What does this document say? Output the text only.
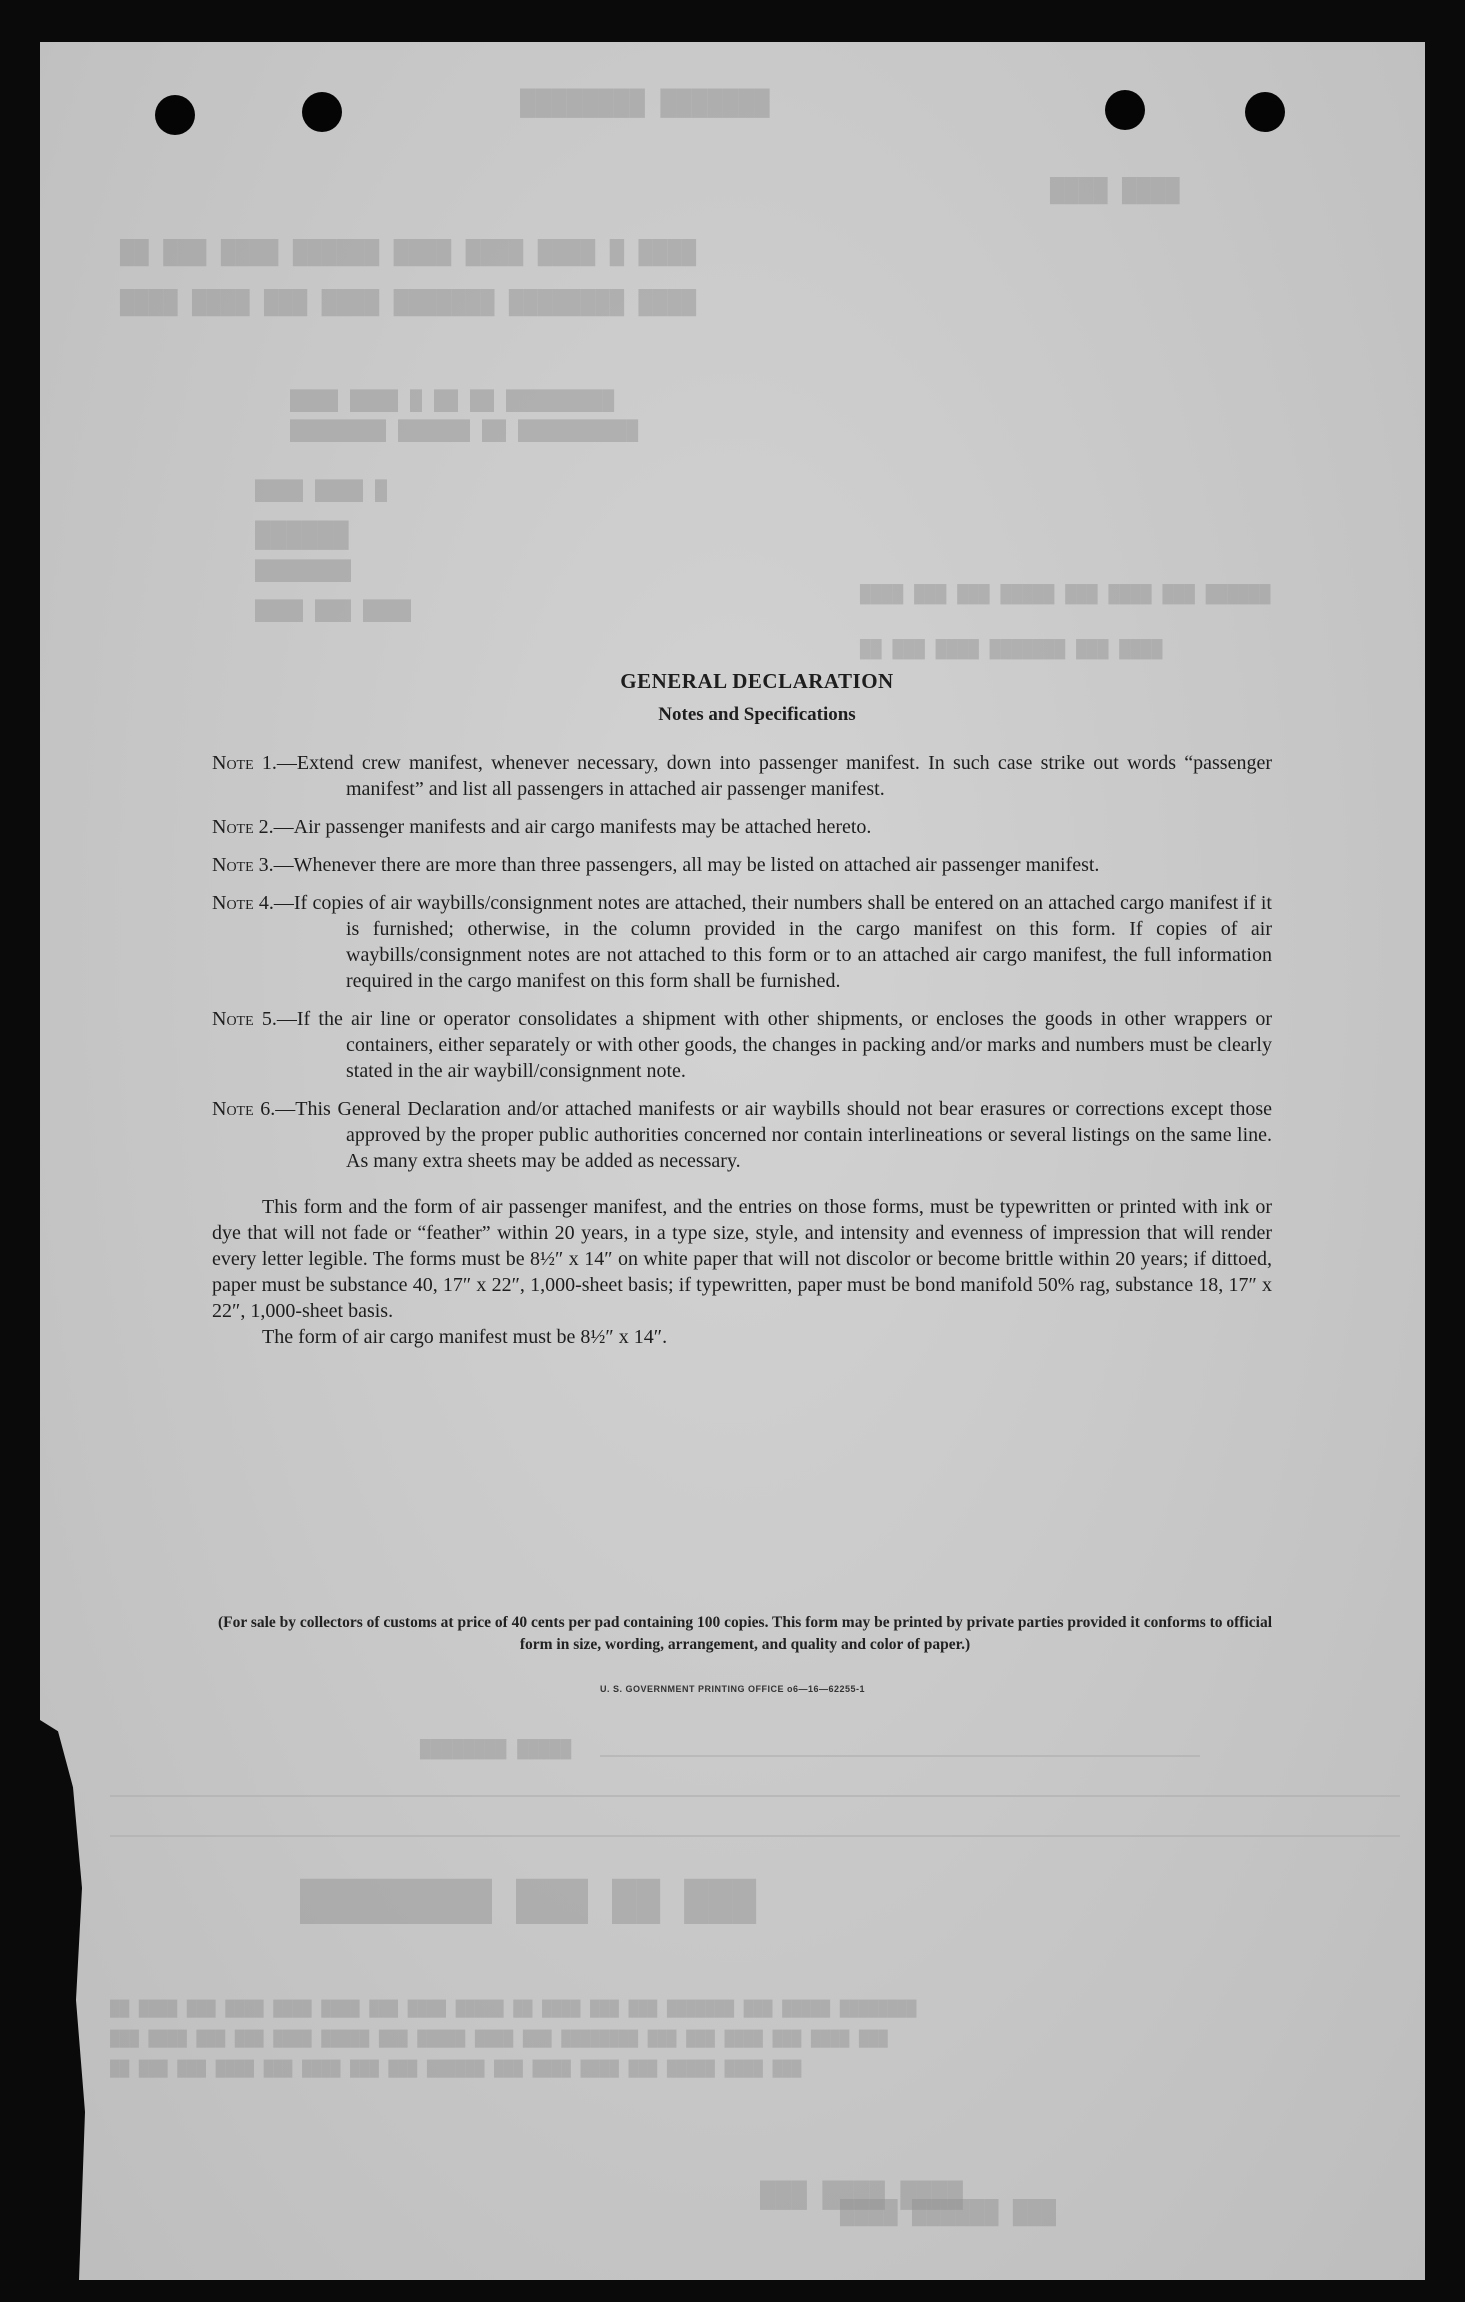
███████ ████████
████ ████
████ █ ████ ████ ████ ██████ ████ ███ ██
████ ████████ ███████ ████ ███ ████ ████
█████████ ██ ██ █ ████ ████
██████████ ██ ██████ ████████
█ ████ ████
██████
████████
████ ███ ████
██████ ███ ████ ███ █████ ███ ███ ████
████ ███ ███████ ████ ███ ██
█████ ████████
███ ██ ███ ████████
████████ █████ ███ ███████ ███ ███ ████ ██ █████ ████ ███ ████ ████ ████ ███ ████ ██
███ ████ ███ ████ ███ ███ ████████ ███ ████ █████ ███ █████ ████ ███ ███ ████ ███
███ ████ █████ ███ ████ ████ ███ ██████ ███ ███ ████ ███ ████ ███ ███ ██
████ ████ ███
███ ██████ ████
GENERAL DECLARATION
Notes and Specifications
Note 1.—Extend crew manifest, whenever necessary, down into passenger manifest. In such case strike out words “passenger manifest” and list all passengers in attached air passenger manifest.
Note 2.—Air passenger manifests and air cargo manifests may be attached hereto.
Note 3.—Whenever there are more than three passengers, all may be listed on attached air passenger manifest.
Note 4.—If copies of air waybills/consignment notes are attached, their numbers shall be entered on an attached cargo manifest if it is furnished; otherwise, in the column provided in the cargo manifest on this form. If copies of air waybills/consignment notes are not attached to this form or to an attached air cargo manifest, the full information required in the cargo manifest on this form shall be furnished.
Note 5.—If the air line or operator consolidates a shipment with other shipments, or encloses the goods in other wrappers or containers, either separately or with other goods, the changes in packing and/or marks and numbers must be clearly stated in the air waybill/consignment note.
Note 6.—This General Declaration and/or attached manifests or air waybills should not bear erasures or corrections except those approved by the proper public authorities concerned nor contain interlineations or several listings on the same line. As many extra sheets may be added as necessary.
This form and the form of air passenger manifest, and the entries on those forms, must be typewritten or printed with ink or dye that will not fade or “feather” within 20 years, in a type size, style, and intensity and evenness of impression that will render every letter legible. The forms must be 8½″ x 14″ on white paper that will not discolor or become brittle within 20 years; if dittoed, paper must be substance 40, 17″ x 22″, 1,000-sheet basis; if typewritten, paper must be bond manifold 50% rag, substance 18, 17″ x 22″, 1,000-sheet basis.
The form of air cargo manifest must be 8½″ x 14″.
(For sale by collectors of customs at price of 40 cents per pad containing 100 copies. This form may be printed by private parties provided it conforms to official form in size, wording, arrangement, and quality and color of paper.)
U. S. GOVERNMENT PRINTING OFFICE o6—16—62255-1
